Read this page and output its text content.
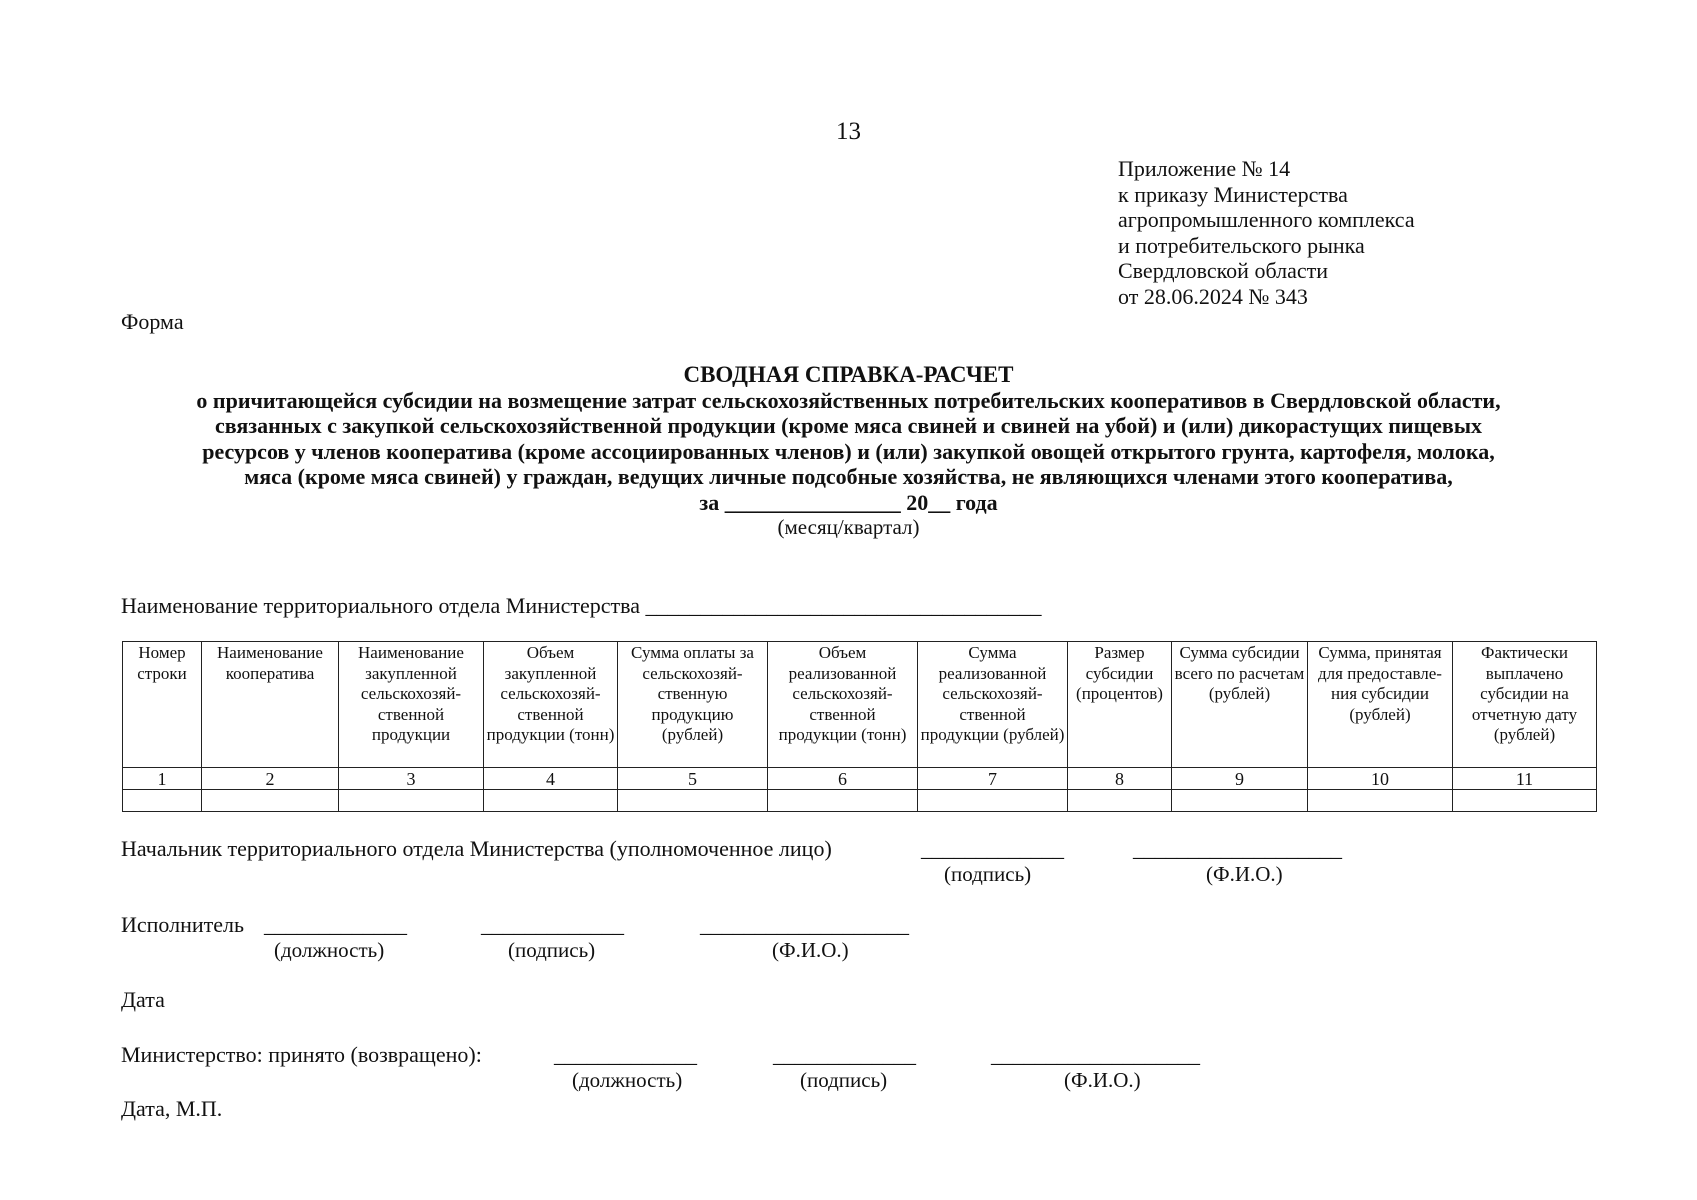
13
Приложение № 14
к приказу Министерства
агропромышленного комплекса
и потребительского рынка
Свердловской области
от 28.06.2024 № 343
Форма
СВОДНАЯ СПРАВКА-РАСЧЕТ
о причитающейся субсидии на возмещение затрат сельскохозяйственных потребительских кооперативов в Свердловской области,
связанных с закупкой сельскохозяйственной продукции (кроме мяса свиней и свиней на убой) и (или) дикорастущих пищевых
ресурсов у членов кооператива (кроме ассоциированных членов) и (или) закупкой овощей открытого грунта, картофеля, молока,
мяса (кроме мяса свиней) у граждан, ведущих личные подсобные хозяйства, не являющихся членами этого кооператива,
за ________________ 20__ года
(месяц/квартал)
Наименование территориального отдела Министерства ____________________________________
Номер строки	Наименование кооператива	Наименование закупленной сельскохозяй-ственной продукции	Объем закупленной сельскохозяй-ственной продукции (тонн)	Сумма оплаты за сельскохозяй-ственную продукцию (рублей)	Объем реализованной сельскохозяй-ственной продукции (тонн)	Сумма реализованной сельскохозяй-ственной продукции (рублей)	Размер субсидии (процентов)	Сумма субсидии всего по расчетам (рублей)	Сумма, принятая для предоставле-ния субсидии (рублей)	Фактически выплачено субсидии на отчетную дату (рублей)
1	2	3	4	5	6	7	8	9	10	11

Начальник территориального отдела Министерства (уполномоченное лицо)	_____________	___________________
(подпись)	(Ф.И.О.)
Исполнитель _____________	_____________	___________________
(должность)	(подпись)	(Ф.И.О.)
Дата
Министерство: принято (возвращено):	_____________	_____________	___________________
(должность)	(подпись)	(Ф.И.О.)
Дата, М.П.
